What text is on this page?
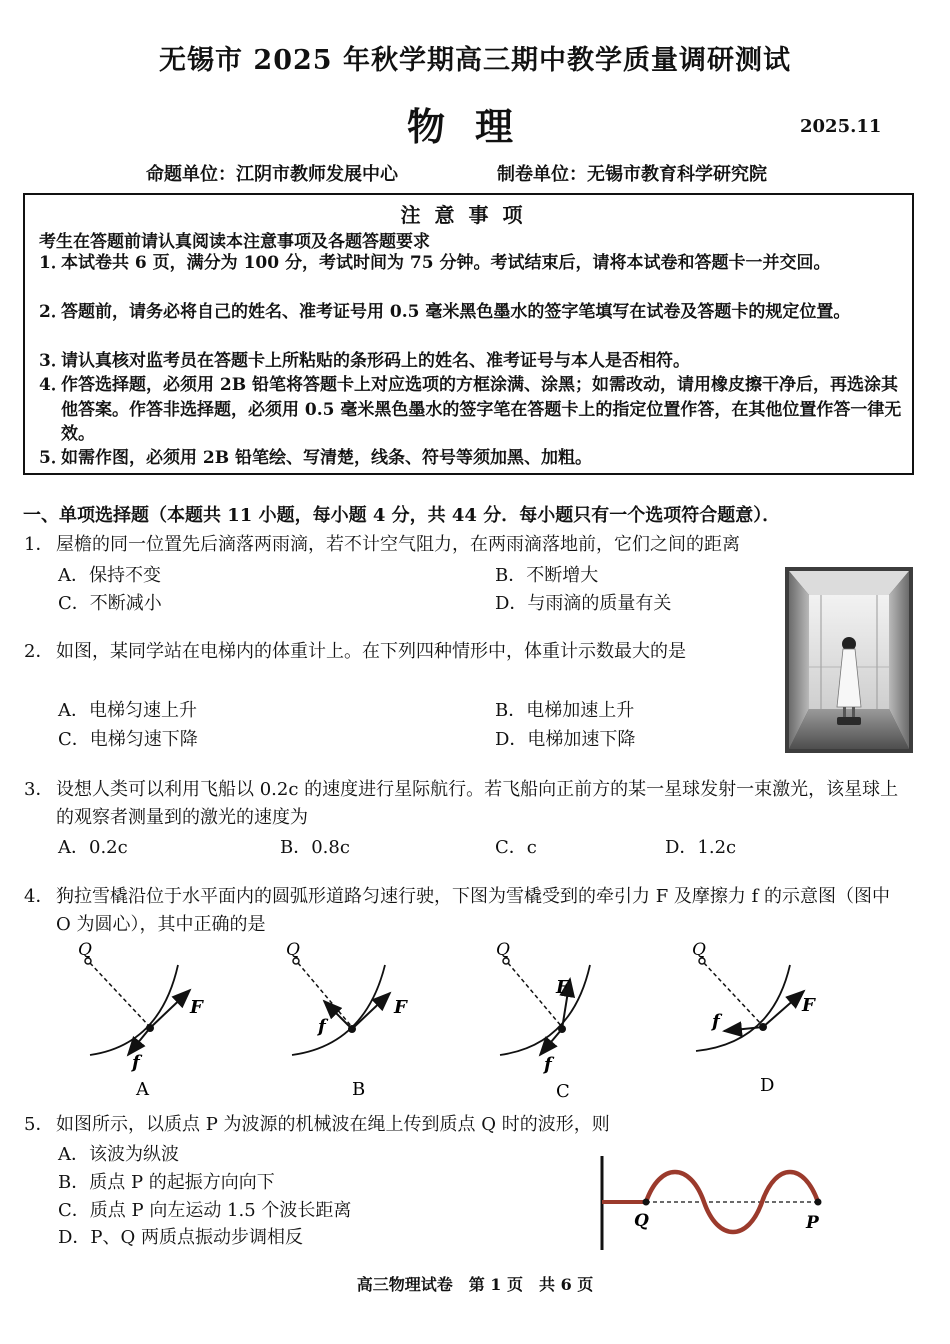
无锡市 2025 年秋学期高三期中教学质量调研测试
物理	2025.11
命题单位：江阴市教师发展中心	制卷单位：无锡市教育科学研究院
注意事项
考生在答题前请认真阅读本注意事项及各题答题要求
1．
本试卷共 6 页，满分为 100 分，考试时间为 75 分钟。考试结束后，请将本试卷和答题卡一并交回。
2．
答题前，请务必将自己的姓名、准考证号用 0.5 毫米黑色墨水的签字笔填写在试卷及答题卡的规定位置。
3．
请认真核对监考员在答题卡上所粘贴的条形码上的姓名、准考证号与本人是否相符。
4．
作答选择题，必须用 2B 铅笔将答题卡上对应选项的方框涂满、涂黑；如需改动，请用橡皮擦干净后，再选涂其他答案。作答非选择题，必须用 0.5 毫米黑色墨水的签字笔在答题卡上的指定位置作答，在其他位置作答一律无效。
5．
如需作图，必须用 2B 铅笔绘、写清楚，线条、符号等须加黑、加粗。
一、单项选择题（本题共 11 小题，每小题 4 分，共 44 分．每小题只有一个选项符合题意）．
1． 屋檐的同一位置先后滴落两雨滴，若不计空气阻力，在两雨滴落地前，它们之间的距离
A．保持不变	B．不断增大
C．不断减小	D．与雨滴的质量有关
2． 如图，某同学站在电梯内的体重计上。在下列四种情形中，体重计示数最大的是
A．电梯匀速上升	B．电梯加速上升
C．电梯匀速下降	D．电梯加速下降
3． 设想人类可以利用飞船以 0.2c 的速度进行星际航行。若飞船向正前方的某一星球发射一束激光，该星球上的观察者测量到的激光的速度为
A．0.2c	B．0.8c	C．c	D．1.2c
4． 狗拉雪橇沿位于水平面内的圆弧形道路匀速行驶，下图为雪橇受到的牵引力 F 及摩擦力 f 的示意图（图中 O 为圆心），其中正确的是
Q
F
f
A
Q
F
f
B
Q
F
f
C
Q
F
f
D
5． 如图所示，以质点 P 为波源的机械波在绳上传到质点 Q 时的波形，则
A．该波为纵波
B．质点 P 的起振方向向下
C．质点 P 向左运动 1.5 个波长距离
D．P、Q 两质点振动步调相反
Q	P
高三物理试卷　第 1 页　共 6 页
